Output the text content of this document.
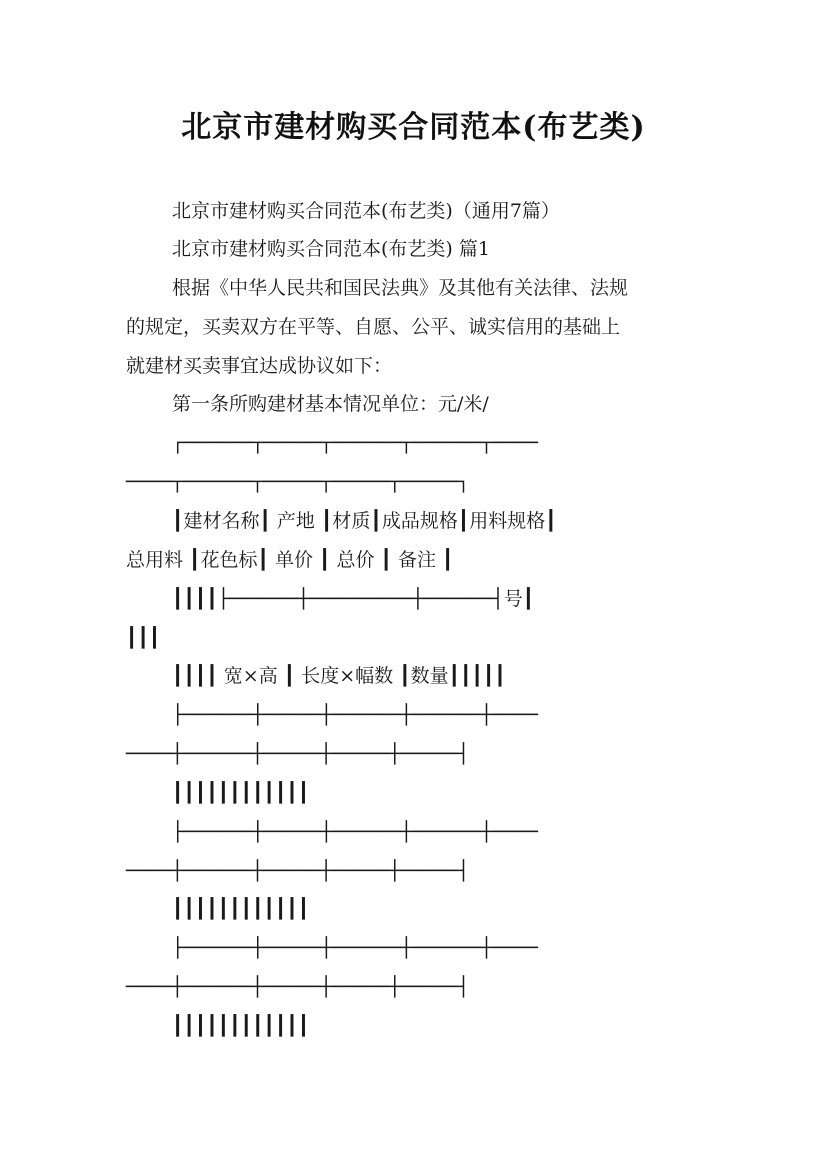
北京市建材购买合同范本(布艺类)
北京市建材购买合同范本(布艺类)（通用7篇）
北京市建材购买合同范本(布艺类) 篇1
根据《中华人民共和国民法典》及其他有关法律、法规
的规定，买卖双方在平等、自愿、公平、诚实信用的基础上
就建材买卖事宜达成协议如下：
第一条所购建材基本情况单位：元/米/
┌──────┬─────┬──────┬──────┬────
────┬──────┬─────┬─────┬─────┐
┃建材名称┃ 产地 ┃材质┃成品规格┃用料规格┃
总用料 ┃花色标┃ 单价 ┃ 总价 ┃ 备注 ┃
┃┃┃┃├──────┼─────────┼──────┤号┃
┃┃┃
┃┃┃┃ 宽×高 ┃ 长度×幅数 ┃数量┃┃┃┃┃
├──────┼─────┼──────┼──────┼────
────┼──────┼─────┼─────┼─────┤
┃┃┃┃┃┃┃┃┃┃┃┃
├──────┼─────┼──────┼──────┼────
────┼──────┼─────┼─────┼─────┤
┃┃┃┃┃┃┃┃┃┃┃┃
├──────┼─────┼──────┼──────┼────
────┼──────┼─────┼─────┼─────┤
┃┃┃┃┃┃┃┃┃┃┃┃
